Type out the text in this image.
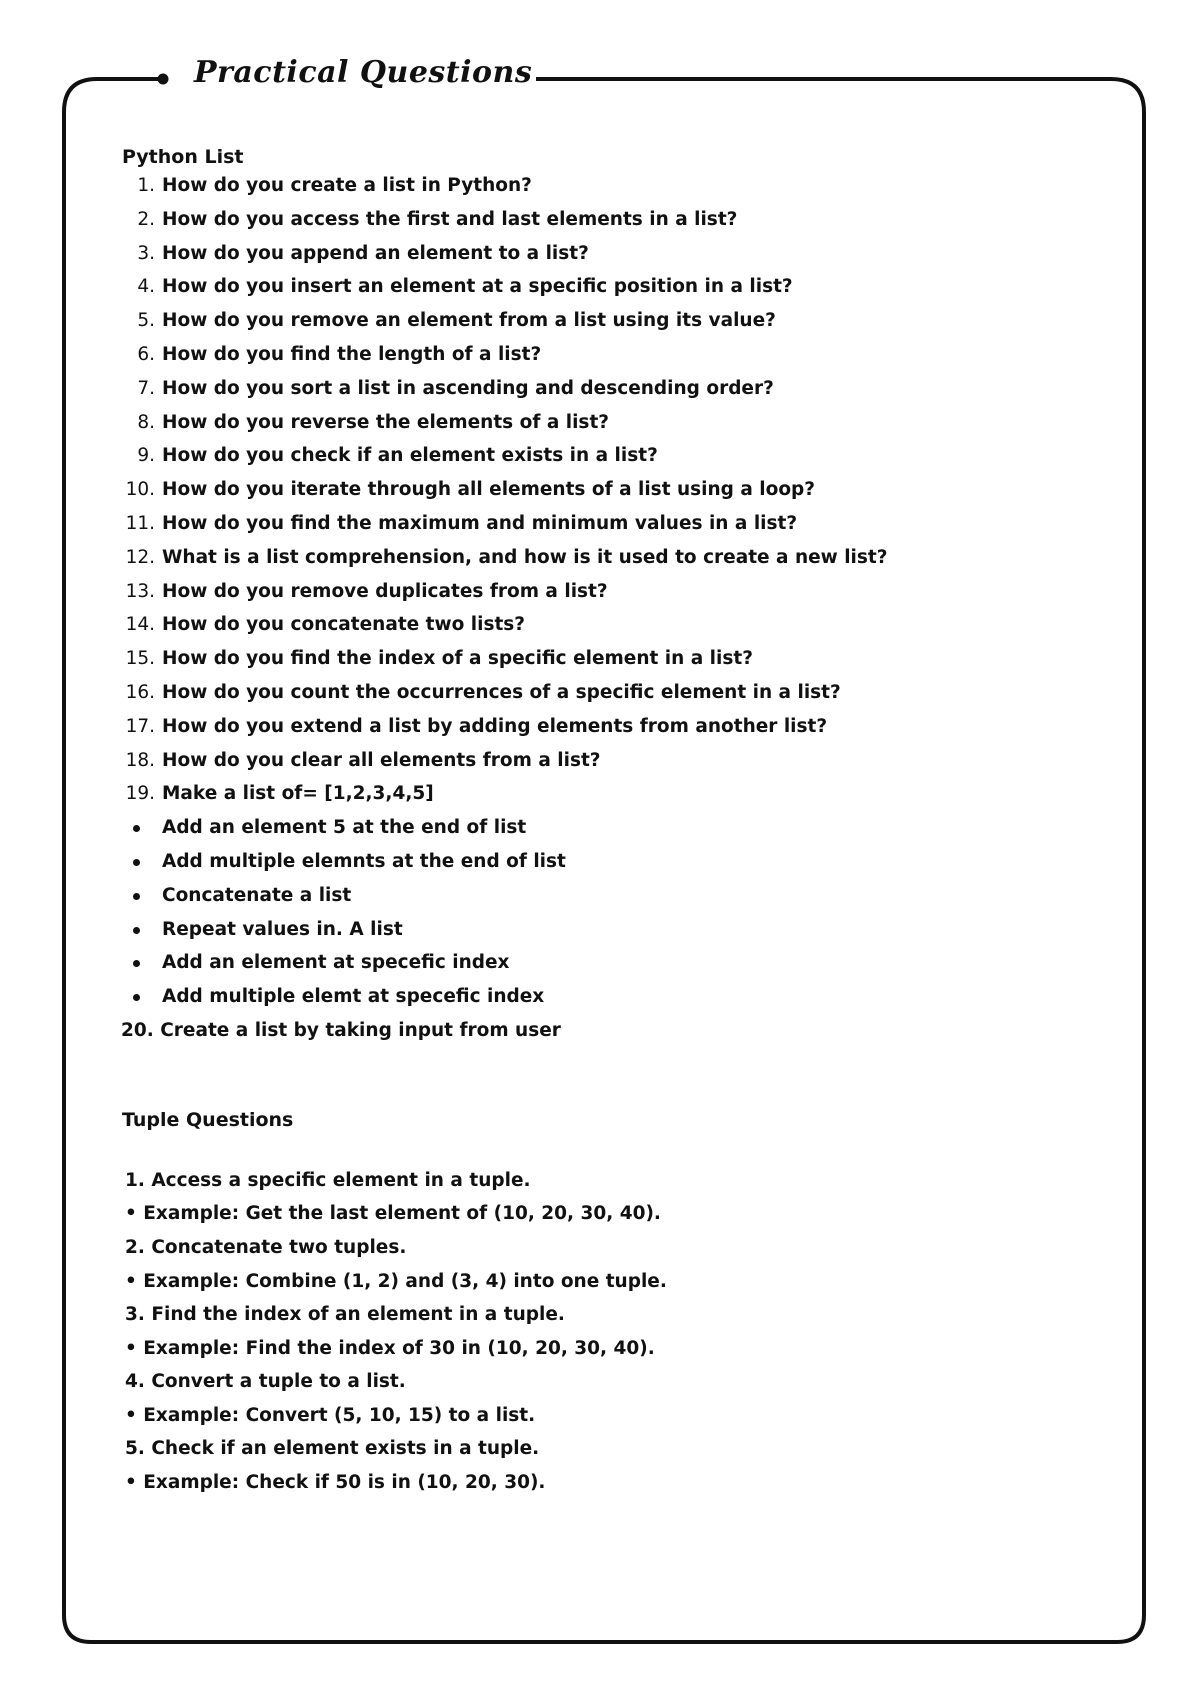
Practical Questions
Python List
1. How do you create a list in Python?
2. How do you access the first and last elements in a list?
3. How do you append an element to a list?
4. How do you insert an element at a specific position in a list?
5. How do you remove an element from a list using its value?
6. How do you find the length of a list?
7. How do you sort a list in ascending and descending order?
8. How do you reverse the elements of a list?
9. How do you check if an element exists in a list?
10. How do you iterate through all elements of a list using a loop?
11. How do you find the maximum and minimum values in a list?
12. What is a list comprehension, and how is it used to create a new list?
13. How do you remove duplicates from a list?
14. How do you concatenate two lists?
15. How do you find the index of a specific element in a list?
16. How do you count the occurrences of a specific element in a list?
17. How do you extend a list by adding elements from another list?
18. How do you clear all elements from a list?
19. Make a list of= [1,2,3,4,5]
Add an element 5 at the end of list
Add multiple elemnts at the end of list
Concatenate a list
Repeat values in. A list
Add an element at specefic index
Add multiple elemt at specefic index
20. Create a list by taking input from user
Tuple Questions
1. Access a specific element in a tuple.
• Example: Get the last element of (10, 20, 30, 40).
2. Concatenate two tuples.
• Example: Combine (1, 2) and (3, 4) into one tuple.
3. Find the index of an element in a tuple.
• Example: Find the index of 30 in (10, 20, 30, 40).
4. Convert a tuple to a list.
• Example: Convert (5, 10, 15) to a list.
5. Check if an element exists in a tuple.
• Example: Check if 50 is in (10, 20, 30).
